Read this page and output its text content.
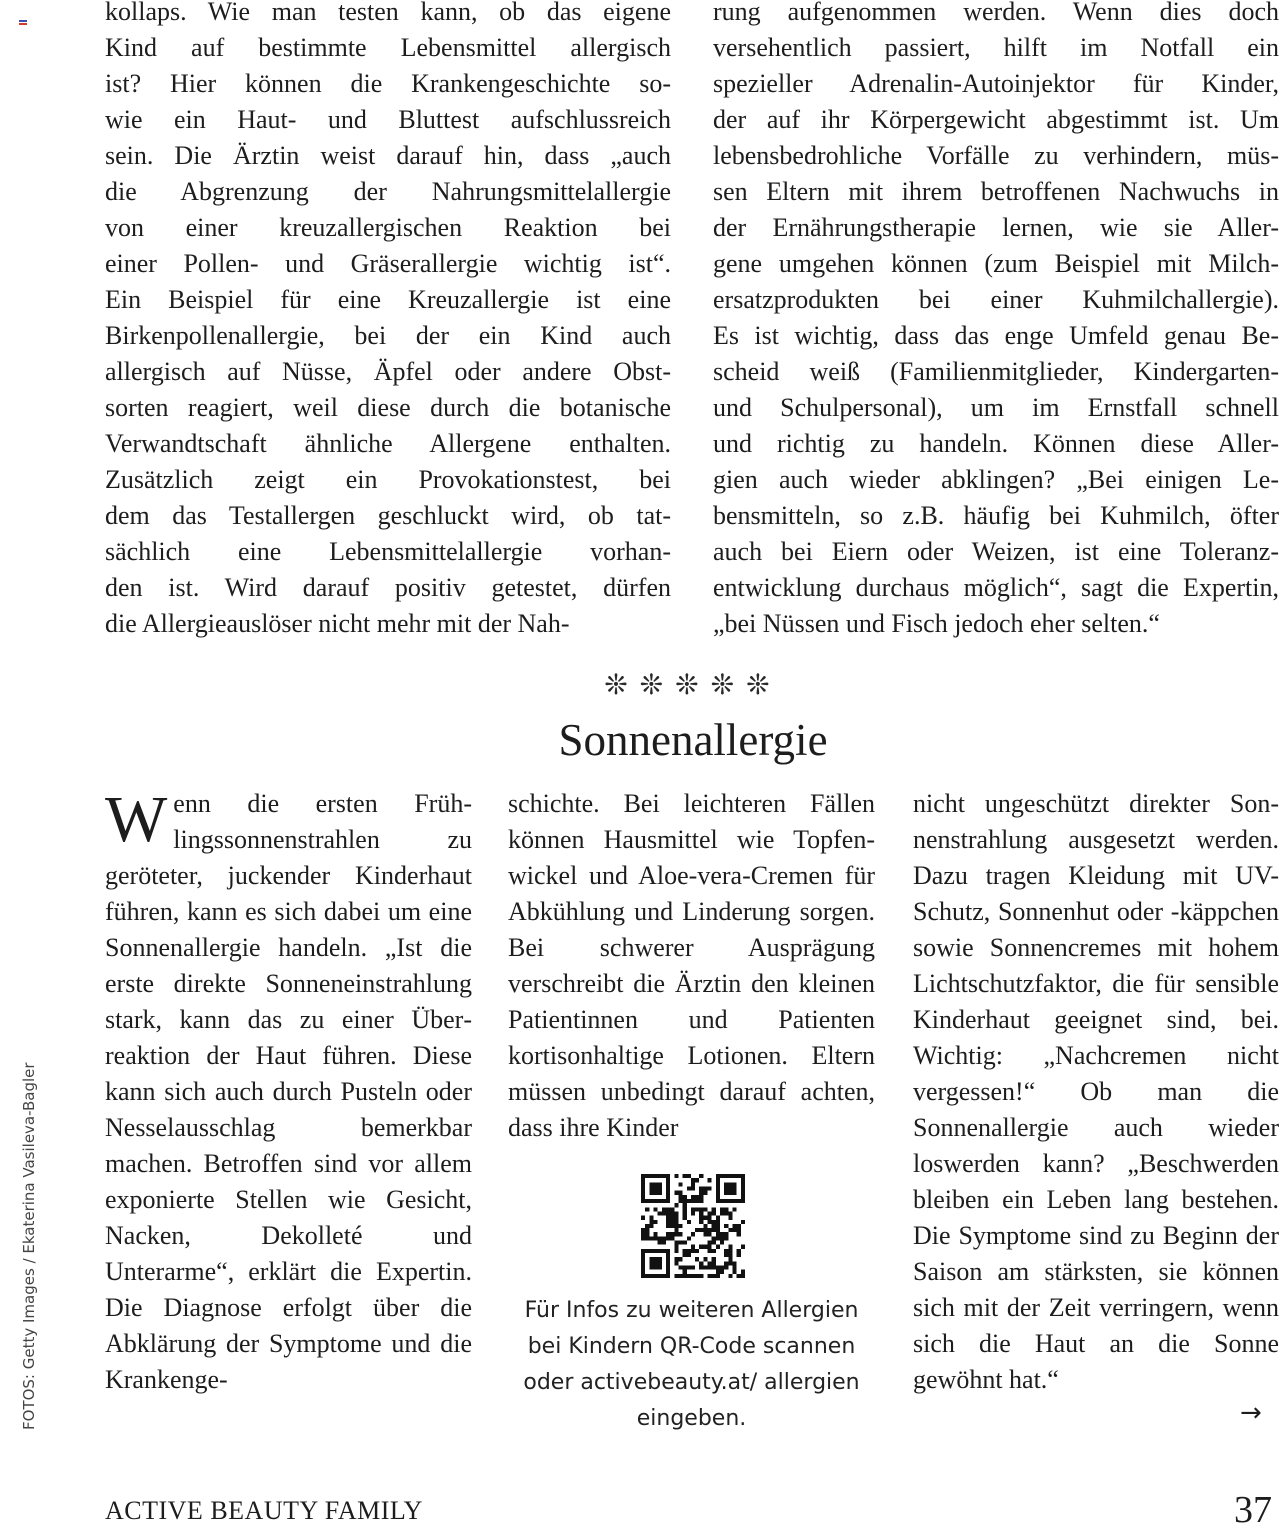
kollaps. Wie man testen kann, ob das eigene
Kind auf bestimmte Lebensmittel allergisch
ist? Hier können die Krankengeschichte so-
wie ein Haut- und Bluttest aufschlussreich
sein. Die Ärztin weist darauf hin, dass „auch
die Abgrenzung der Nahrungsmittelallergie
von einer kreuzallergischen Reaktion bei
einer Pollen- und Gräserallergie wichtig ist“.
Ein Beispiel für eine Kreuzallergie ist eine
Birkenpollenallergie, bei der ein Kind auch
allergisch auf Nüsse, Äpfel oder andere Obst-
sorten reagiert, weil diese durch die botanische
Verwandtschaft ähnliche Allergene enthalten.
Zusätzlich zeigt ein Provokationstest, bei
dem das Testallergen geschluckt wird, ob tat-
sächlich eine Lebensmittelallergie vorhan-
den ist. Wird darauf positiv getestet, dürfen
die Allergieauslöser nicht mehr mit der Nah-
rung aufgenommen werden. Wenn dies doch
versehentlich passiert, hilft im Notfall ein
spezieller Adrenalin-Autoinjektor für Kinder,
der auf ihr Körpergewicht abgestimmt ist. Um
lebensbedrohliche Vorfälle zu verhindern, müs-
sen Eltern mit ihrem betroffenen Nachwuchs in
der Ernährungstherapie lernen, wie sie Aller-
gene umgehen können (zum Beispiel mit Milch-
ersatzprodukten bei einer Kuhmilchallergie).
Es ist wichtig, dass das enge Umfeld genau Be-
scheid weiß (Familienmitglieder, Kindergarten-
und Schulpersonal), um im Ernstfall schnell
und richtig zu handeln. Können diese Aller-
gien auch wieder abklingen? „Bei einigen Le-
bensmitteln, so z.B. häufig bei Kuhmilch, öfter
auch bei Eiern oder Weizen, ist eine Toleranz-
entwicklung durchaus möglich“, sagt die Expertin,
„bei Nüssen und Fisch jedoch eher selten.“
❊❊❊❊❊
Sonnenallergie
W enn die ersten Frühlingssonnenstrahlen zu geröteter, juckender Kinderhaut führen, kann es sich dabei um eine Sonnenallergie handeln. „Ist die erste direkte Sonneneinstrahlung stark, kann das zu einer Überreaktion der Haut führen. Diese kann sich auch durch Pusteln oder Nesselausschlag bemerkbar machen. Betroffen sind vor allem exponierte Stellen wie Gesicht, Nacken, Dekolleté und Unterarme“, erklärt die Expertin. Die Diagnose erfolgt über die Abklärung der Symptome und die Krankenge-

schichte. Bei leichteren Fällen können Hausmittel wie Topfenwickel und Aloe-vera-Cremen für Abkühlung und Linderung sorgen. Bei schwerer Ausprägung verschreibt die Ärztin den kleinen Patientinnen und Patienten kortisonhaltige Lotionen. Eltern müssen unbedingt darauf achten, dass ihre Kinder

Für Infos zu weiteren Allergien bei Kindern QR-Code scannen oder activebeauty.at/ allergien eingeben.

nicht ungeschützt direkter Sonnenstrahlung ausgesetzt werden. Dazu tragen Kleidung mit UV-Schutz, Sonnenhut oder -käppchen sowie Sonnencremes mit hohem Lichtschutzfaktor, die für sensible Kinderhaut geeignet sind, bei. Wichtig: „Nachcremen nicht vergessen!“ Ob man die Sonnenallergie auch wieder loswerden kann? „Beschwerden bleiben ein Leben lang bestehen. Die Symptome sind zu Beginn der Saison am stärksten, sie können sich mit der Zeit verringern, wenn sich die Haut an die Sonne gewöhnt hat.“

→
FOTOS: Getty Images / Ekaterina Vasileva-Bagler
ACTIVE BEAUTY FAMILY	37
